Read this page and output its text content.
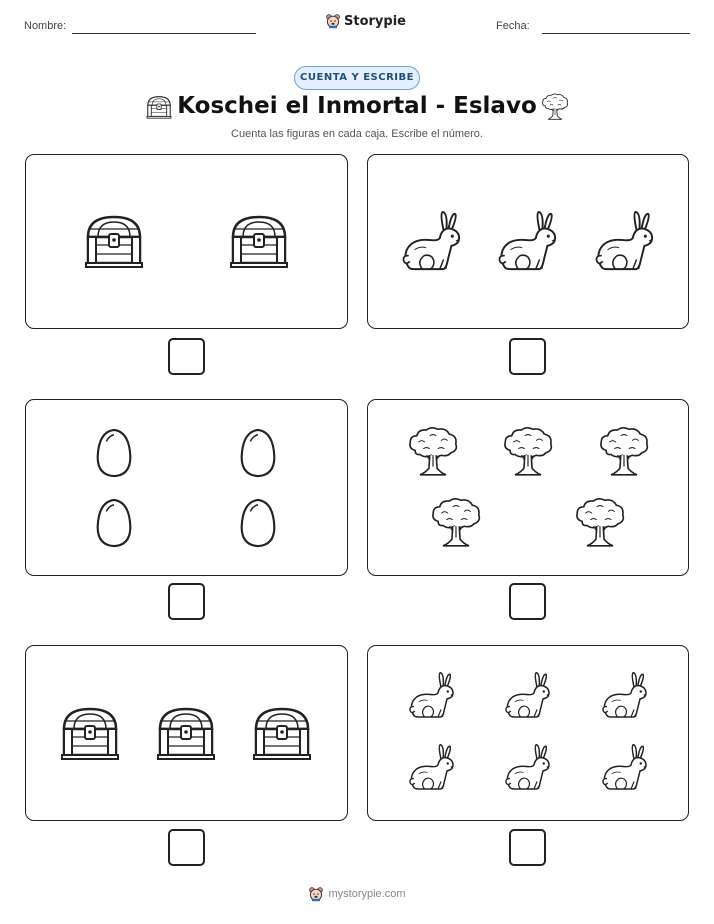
Nombre:	Storypie	Fecha:
CUENTA Y ESCRIBE
Koschei el Inmortal - Eslavo
Cuenta las figuras en cada caja. Escribe el número.
mystorypie.com
